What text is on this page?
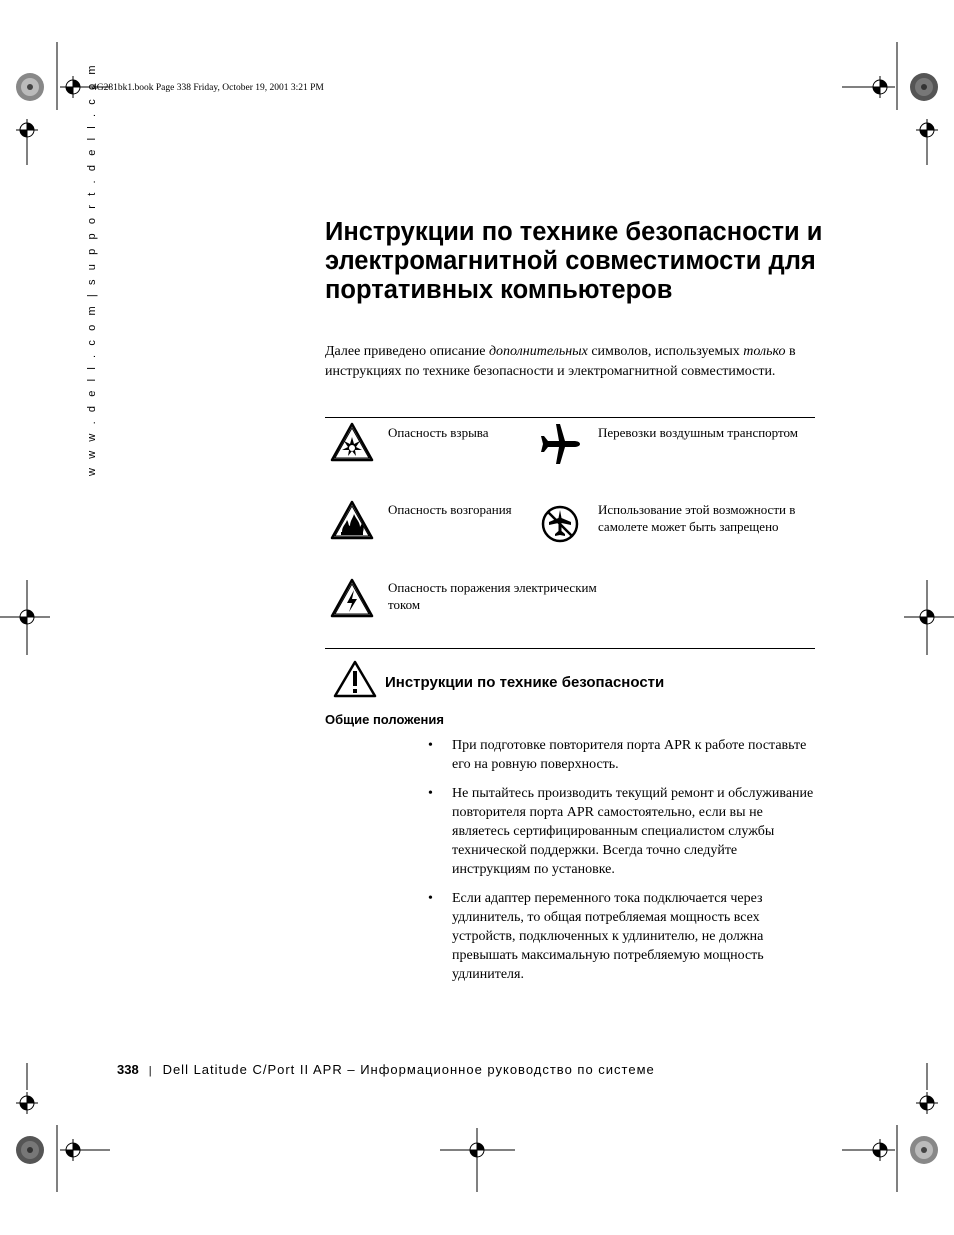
4G281bk1.book Page 338 Friday, October 19, 2001 3:21 PM
w w w . d e l l . c o m | s u p p o r t . d e l l . c o m	Инструкции по технике безопасности и электромагнитной совместимости для портативных компьютеров

Далее приведено описание дополнительных символов, используемых только в инструкциях по технике безопасности и электромагнитной совместимости.

Опасность взрыва	Перевозки воздушным транспортом
Опасность возгорания	Использование этой возможности в самолете может быть запрещено
Опасность поражения электрическим током
Инструкции по технике безопасности
Общие положения
• При подготовке повторителя порта APR к работе поставьте его на ровную поверхность.
• Не пытайтесь производить текущий ремонт и обслуживание повторителя порта APR самостоятельно, если вы не являетесь сертифицированным специалистом службы технической поддержки. Всегда точно следуйте инструкциям по установке.
• Если адаптер переменного тока подключается через удлинитель, то общая потребляемая мощность всех устройств, подключенных к удлинителю, не должна превышать максимальную потребляемую мощность удлинителя.
338 | Dell Latitude C/Port II APR – Информационное руководство по системе
